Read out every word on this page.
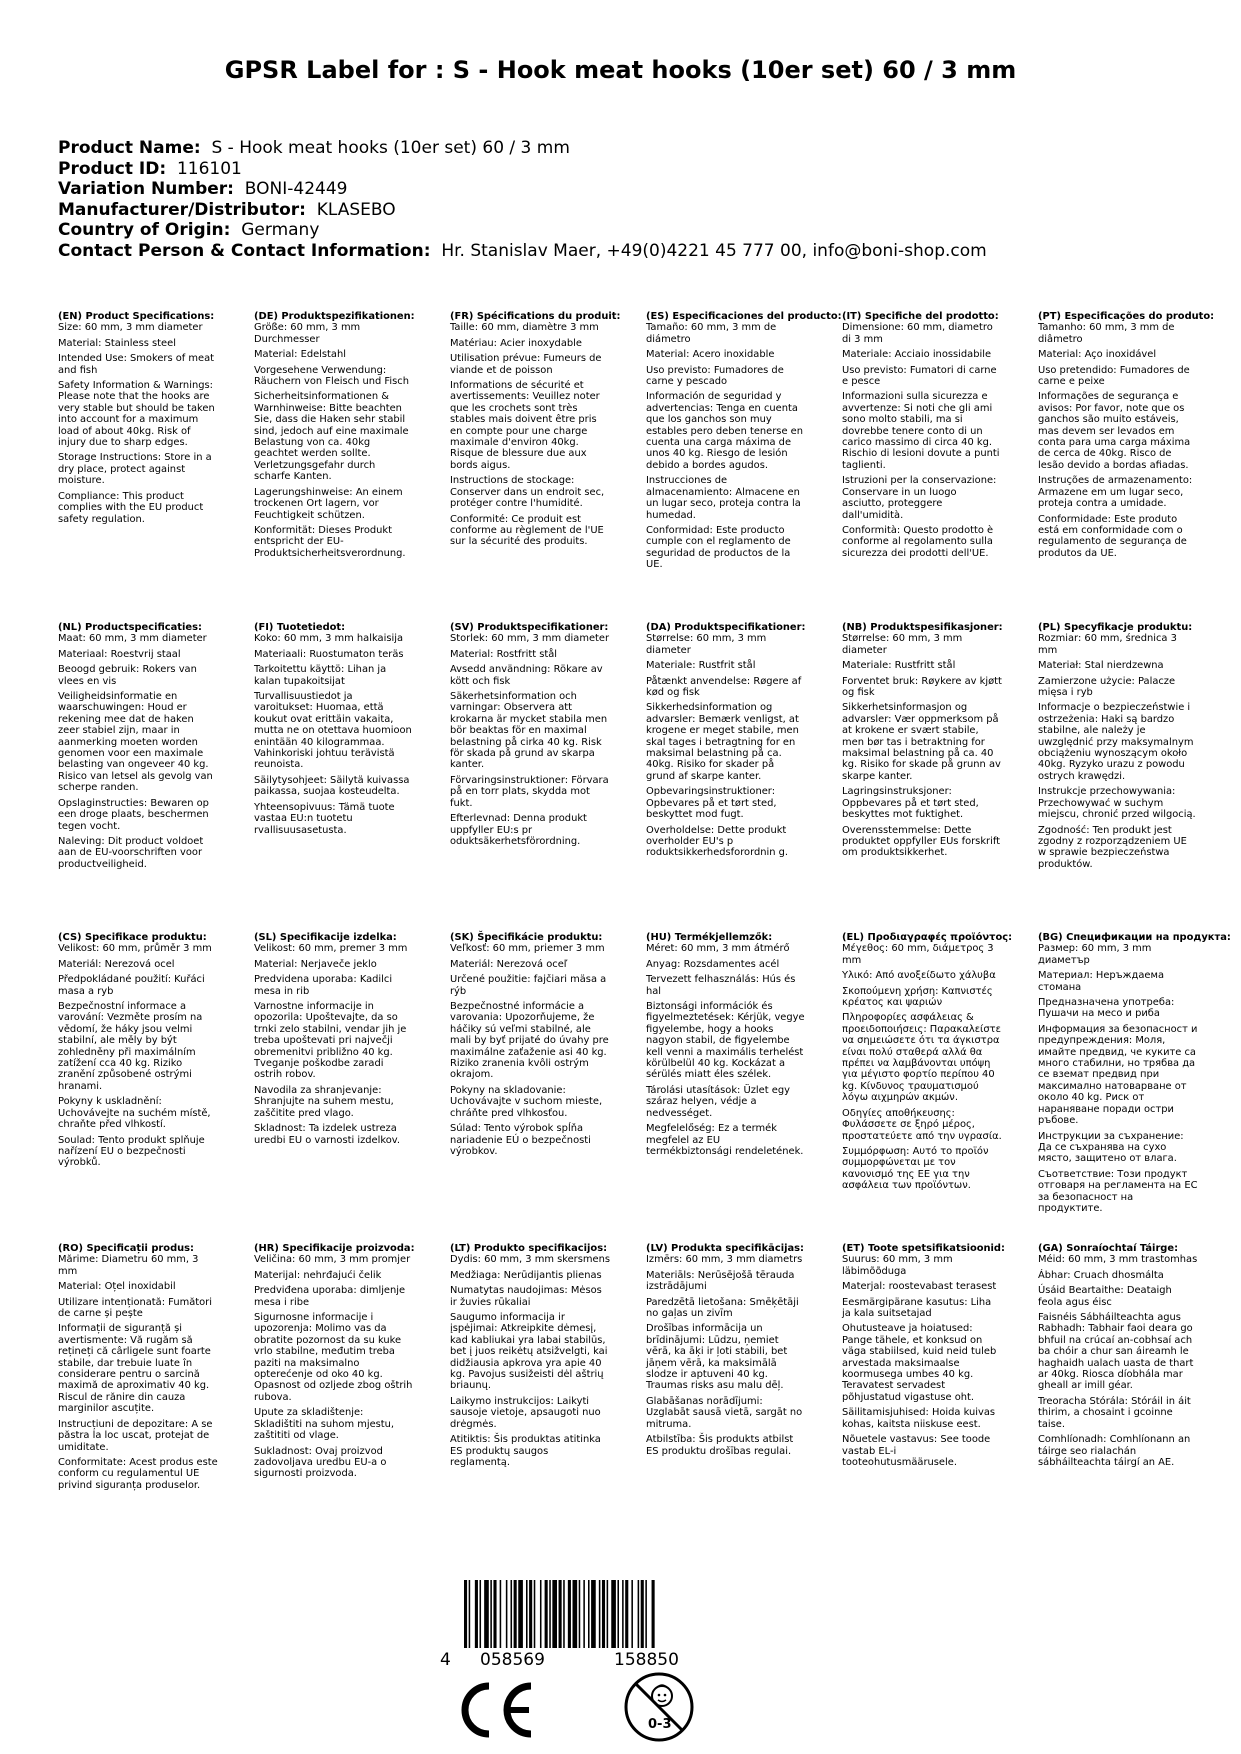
GPSR Label for : S - Hook meat hooks (10er set) 60 / 3 mm
Product Name: S - Hook meat hooks (10er set) 60 / 3 mm
Product ID: 116101
Variation Number: BONI-42449
Manufacturer/Distributor: KLASEBO
Country of Origin: Germany
Contact Person & Contact Information: Hr. Stanislav Maer, +49(0)4221 45 777 00, info@boni-shop.com
(EN) Product Specifications:

Size: 60 mm, 3 mm diameter

Material: Stainless steel

Intended Use: Smokers of meat and fish

Safety Information & Warnings: Please note that the hooks are very stable but should be taken into account for a maximum load of about 40kg. Risk of injury due to sharp edges.

Storage Instructions: Store in a dry place, protect against moisture.

Compliance: This product complies with the EU product safety regulation.

(DE) Produktspezifikationen:

Größe: 60 mm, 3 mm Durchmesser

Material: Edelstahl

Vorgesehene Verwendung: Räuchern von Fleisch und Fisch

Sicherheitsinformationen & Warnhinweise: Bitte beachten Sie, dass die Haken sehr stabil sind, jedoch auf eine maximale Belastung von ca. 40kg geachtet werden sollte. Verletzungsgefahr durch scharfe Kanten.

Lagerungshinweise: An einem trockenen Ort lagern, vor Feuchtigkeit schützen.

Konformität: Dieses Produkt entspricht der EU-Produktsicherheitsverordnung.

(FR) Spécifications du produit:

Taille: 60 mm, diamètre 3 mm

Matériau: Acier inoxydable

Utilisation prévue: Fumeurs de viande et de poisson

Informations de sécurité et avertissements: Veuillez noter que les crochets sont très stables mais doivent être pris en compte pour une charge maximale d'environ 40kg. Risque de blessure due aux bords aigus.

Instructions de stockage: Conserver dans un endroit sec, protéger contre l'humidité.

Conformité: Ce produit est conforme au règlement de l'UE sur la sécurité des produits.

(ES) Especificaciones del producto:

Tamaño: 60 mm, 3 mm de diámetro

Material: Acero inoxidable

Uso previsto: Fumadores de carne y pescado

Información de seguridad y advertencias: Tenga en cuenta que los ganchos son muy estables pero deben tenerse en cuenta una carga máxima de unos 40 kg. Riesgo de lesión debido a bordes agudos.

Instrucciones de almacenamiento: Almacene en un lugar seco, proteja contra la humedad.

Conformidad: Este producto cumple con el reglamento de seguridad de productos de la UE.

(IT) Specifiche del prodotto:

Dimensione: 60 mm, diametro di 3 mm

Materiale: Acciaio inossidabile

Uso previsto: Fumatori di carne e pesce

Informazioni sulla sicurezza e avvertenze: Si noti che gli ami sono molto stabili, ma si dovrebbe tenere conto di un carico massimo di circa 40 kg. Rischio di lesioni dovute a punti taglienti.

Istruzioni per la conservazione: Conservare in un luogo asciutto, proteggere dall'umidità.

Conformità: Questo prodotto è conforme al regolamento sulla sicurezza dei prodotti dell'UE.

(PT) Especificações do produto:

Tamanho: 60 mm, 3 mm de diâmetro

Material: Aço inoxidável

Uso pretendido: Fumadores de carne e peixe

Informações de segurança e avisos: Por favor, note que os ganchos são muito estáveis, mas devem ser levados em conta para uma carga máxima de cerca de 40kg. Risco de lesão devido a bordas afiadas.

Instruções de armazenamento: Armazene em um lugar seco, proteja contra a umidade.

Conformidade: Este produto está em conformidade com o regulamento de segurança de produtos da UE.

(NL) Productspecificaties:

Maat: 60 mm, 3 mm diameter

Materiaal: Roestvrij staal

Beoogd gebruik: Rokers van vlees en vis

Veiligheidsinformatie en waarschuwingen: Houd er rekening mee dat de haken zeer stabiel zijn, maar in aanmerking moeten worden genomen voor een maximale belasting van ongeveer 40 kg. Risico van letsel als gevolg van scherpe randen.

Opslaginstructies: Bewaren op een droge plaats, beschermen tegen vocht.

Naleving: Dit product voldoet aan de EU-voorschriften voor productveiligheid.

(FI) Tuotetiedot:

Koko: 60 mm, 3 mm halkaisija

Materiaali: Ruostumaton teräs

Tarkoitettu käyttö: Lihan ja kalan tupakoitsijat

Turvallisuustiedot ja varoitukset: Huomaa, että koukut ovat erittäin vakaita, mutta ne on otettava huomioon enintään 40 kilogrammaa. Vahinkoriski johtuu terävistä reunoista.

Säilytysohjeet: Säilytä kuivassa paikassa, suojaa kosteudelta.

Yhteensopivuus: Tämä tuote vastaa EU:n tuotetu rvallisuusasetusta.

(SV) Produktspecifikationer:

Storlek: 60 mm, 3 mm diameter

Material: Rostfritt stål

Avsedd användning: Rökare av kött och fisk

Säkerhetsinformation och varningar: Observera att krokarna är mycket stabila men bör beaktas för en maximal belastning på cirka 40 kg. Risk för skada på grund av skarpa kanter.

Förvaringsinstruktioner: Förvara på en torr plats, skydda mot fukt.

Efterlevnad: Denna produkt uppfyller EU:s pr oduktsäkerhetsförordning.

(DA) Produktspecifikationer:

Størrelse: 60 mm, 3 mm diameter

Materiale: Rustfrit stål

Påtænkt anvendelse: Røgere af kød og fisk

Sikkerhedsinformation og advarsler: Bemærk venligst, at krogene er meget stabile, men skal tages i betragtning for en maksimal belastning på ca. 40kg. Risiko for skader på grund af skarpe kanter.

Opbevaringsinstruktioner: Opbevares på et tørt sted, beskyttet mod fugt.

Overholdelse: Dette produkt overholder EU's p roduktsikkerhedsforordnin g.

(NB) Produktspesifikasjoner:

Størrelse: 60 mm, 3 mm diameter

Materiale: Rustfritt stål

Forventet bruk: Røykere av kjøtt og fisk

Sikkerhetsinformasjon og advarsler: Vær oppmerksom på at krokene er svært stabile, men bør tas i betraktning for maksimal belastning på ca. 40 kg. Risiko for skade på grunn av skarpe kanter.

Lagringsinstruksjoner: Oppbevares på et tørt sted, beskyttes mot fuktighet.

Overensstemmelse: Dette produktet oppfyller EUs forskrift om produktsikkerhet.

(PL) Specyfikacje produktu:

Rozmiar: 60 mm, średnica 3 mm

Materiał: Stal nierdzewna

Zamierzone użycie: Palacze mięsa i ryb

Informacje o bezpieczeństwie i ostrzeżenia: Haki są bardzo stabilne, ale należy je uwzględnić przy maksymalnym obciążeniu wynoszącym około 40kg. Ryzyko urazu z powodu ostrych krawędzi.

Instrukcje przechowywania: Przechowywać w suchym miejscu, chronić przed wilgocią.

Zgodność: Ten produkt jest zgodny z rozporządzeniem UE w sprawie bezpieczeństwa produktów.

(CS) Specifikace produktu:

Velikost: 60 mm, průměr 3 mm

Materiál: Nerezová ocel

Předpokládané použití: Kuřáci masa a ryb

Bezpečnostní informace a varování: Vezměte prosím na vědomí, že háky jsou velmi stabilní, ale měly by být zohledněny při maximálním zatížení cca 40 kg. Riziko zranění způsobené ostrými hranami.

Pokyny k uskladnění: Uchovávejte na suchém místě, chraňte před vlhkostí.

Soulad: Tento produkt splňuje nařízení EU o bezpečnosti výrobků.

(SL) Specifikacije izdelka:

Velikost: 60 mm, premer 3 mm

Material: Nerjaveče jeklo

Predvidena uporaba: Kadilci mesa in rib

Varnostne informacije in opozorila: Upoštevajte, da so trnki zelo stabilni, vendar jih je treba upoštevati pri največji obremenitvi približno 40 kg. Tveganje poškodbe zaradi ostrih robov.

Navodila za shranjevanje: Shranjujte na suhem mestu, zaščitite pred vlago.

Skladnost: Ta izdelek ustreza uredbi EU o varnosti izdelkov.

(SK) Špecifikácie produktu:

Veľkosť: 60 mm, priemer 3 mm

Materiál: Nerezová oceľ

Určené použitie: fajčiari mäsa a rýb

Bezpečnostné informácie a varovania: Upozorňujeme, že háčiky sú veľmi stabilné, ale mali by byť prijaté do úvahy pre maximálne zaťaženie asi 40 kg. Riziko zranenia kvôli ostrým okrajom.

Pokyny na skladovanie: Uchovávajte v suchom mieste, chráňte pred vlhkosťou.

Súlad: Tento výrobok spĺňa nariadenie EÚ o bezpečnosti výrobkov.

(HU) Termékjellemzők:

Méret: 60 mm, 3 mm átmérő

Anyag: Rozsdamentes acél

Tervezett felhasználás: Hús és hal

Biztonsági információk és figyelmeztetések: Kérjük, vegye figyelembe, hogy a hooks nagyon stabil, de figyelembe kell venni a maximális terhelést körülbelül 40 kg. Kockázat a sérülés miatt éles szélek.

Tárolási utasítások: Üzlet egy száraz helyen, védje a nedvességet.

Megfelelőség: Ez a termék megfelel az EU termékbiztonsági rendeletének.

(EL) Προδιαγραφές προϊόντος:

Μέγεθος: 60 mm, διάμετρος 3 mm

Υλικό: Από ανοξείδωτο χάλυβα

Σκοπούμενη χρήση: Καπνιστές κρέατος και ψαριών

Πληροφορίες ασφάλειας & προειδοποιήσεις: Παρακαλείστε να σημειώσετε ότι τα άγκιστρα είναι πολύ σταθερά αλλά θα πρέπει να λαμβάνονται υπόψη για μέγιστο φορτίο περίπου 40 kg. Κίνδυνος τραυματισμού λόγω αιχμηρών ακμών.

Οδηγίες αποθήκευσης: Φυλάσσετε σε ξηρό μέρος, προστατεύετε από την υγρασία.

Συμμόρφωση: Αυτό το προϊόν συμμορφώνεται με τον κανονισμό της ΕΕ για την ασφάλεια των προϊόντων.

(BG) Спецификации на продукта:

Размер: 60 mm, 3 mm диаметър

Материал: Неръждаема стомана

Предназначена употреба: Пушачи на месо и риба

Информация за безопасност и предупреждения: Моля, имайте предвид, че куките са много стабилни, но трябва да се вземат предвид при максимално натоварване от около 40 kg. Риск от нараняване поради остри ръбове.

Инструкции за съхранение: Да се съхранява на сухо място, защитено от влага.

Съответствие: Този продукт отговаря на регламента на ЕС за безопасност на продуктите.

(RO) Specificații produs:

Mărime: Diametru 60 mm, 3 mm

Material: Oțel inoxidabil

Utilizare intenționată: Fumători de carne și pește

Informații de siguranță și avertismente: Vă rugăm să rețineți că cârligele sunt foarte stabile, dar trebuie luate în considerare pentru o sarcină maximă de aproximativ 40 kg. Riscul de rănire din cauza marginilor ascuțite.

Instrucțiuni de depozitare: A se păstra la loc uscat, protejat de umiditate.

Conformitate: Acest produs este conform cu regulamentul UE privind siguranța produselor.

(HR) Specifikacije proizvoda:

Veličina: 60 mm, 3 mm promjer

Materijal: nehrđajući čelik

Predviđena uporaba: dimljenje mesa i ribe

Sigurnosne informacije i upozorenja: Molimo vas da obratite pozornost da su kuke vrlo stabilne, međutim treba paziti na maksimalno opterećenje od oko 40 kg. Opasnost od ozljede zbog oštrih rubova.

Upute za skladištenje: Skladištiti na suhom mjestu, zaštititi od vlage.

Sukladnost: Ovaj proizvod zadovoljava uredbu EU-a o sigurnosti proizvoda.

(LT) Produkto specifikacijos:

Dydis: 60 mm, 3 mm skersmens

Medžiaga: Nerūdijantis plienas

Numatytas naudojimas: Mėsos ir žuvies rūkaliai

Saugumo informacija ir įspėjimai: Atkreipkite dėmesį, kad kabliukai yra labai stabilūs, bet į juos reikėtų atsižvelgti, kai didžiausia apkrova yra apie 40 kg. Pavojus susižeisti dėl aštrių briaunų.

Laikymo instrukcijos: Laikyti sausoje vietoje, apsaugoti nuo drėgmės.

Atitiktis: Šis produktas atitinka ES produktų saugos reglamentą.

(LV) Produkta specifikācijas:

Izmērs: 60 mm, 3 mm diametrs

Materiāls: Nerūsējošā tērauda izstrādājumi

Paredzētā lietošana: Smēķētāji no gaļas un zivīm

Drošības informācija un brīdinājumi: Lūdzu, ņemiet vērā, ka āķi ir ļoti stabili, bet jāņem vērā, ka maksimālā slodze ir aptuveni 40 kg. Traumas risks asu malu dēļ.

Glabāšanas norādījumi: Uzglabāt sausā vietā, sargāt no mitruma.

Atbilstība: Šis produkts atbilst ES produktu drošības regulai.

(ET) Toote spetsifikatsioonid:

Suurus: 60 mm, 3 mm läbimõõduga

Materjal: roostevabast terasest

Eesmärgipärane kasutus: Liha ja kala suitsetajad

Ohutusteave ja hoiatused: Pange tähele, et konksud on väga stabiilsed, kuid neid tuleb arvestada maksimaalse koormusega umbes 40 kg. Teravatest servadest põhjustatud vigastuse oht.

Säilitamisjuhised: Hoida kuivas kohas, kaitsta niiskuse eest.

Nõuetele vastavus: See toode vastab EL-i tooteohutusmäärusele.

(GA) Sonraíochtaí Táirge:

Méid: 60 mm, 3 mm trastomhas

Ábhar: Cruach dhosmálta

Úsáid Beartaithe: Deataigh feola agus éisc

Faisnéis Sábháilteachta agus Rabhadh: Tabhair faoi deara go bhfuil na crúcaí an-cobhsaí ach ba chóir a chur san áireamh le haghaidh ualach uasta de thart ar 40kg. Riosca díobhála mar gheall ar imill géar.

Treoracha Stórála: Stóráil in áit thirim, a chosaint i gcoinne taise.

Comhlíonadh: Comhlíonann an táirge seo rialachán sábháilteachta táirgí an AE.

4 058569	158850
0-3
